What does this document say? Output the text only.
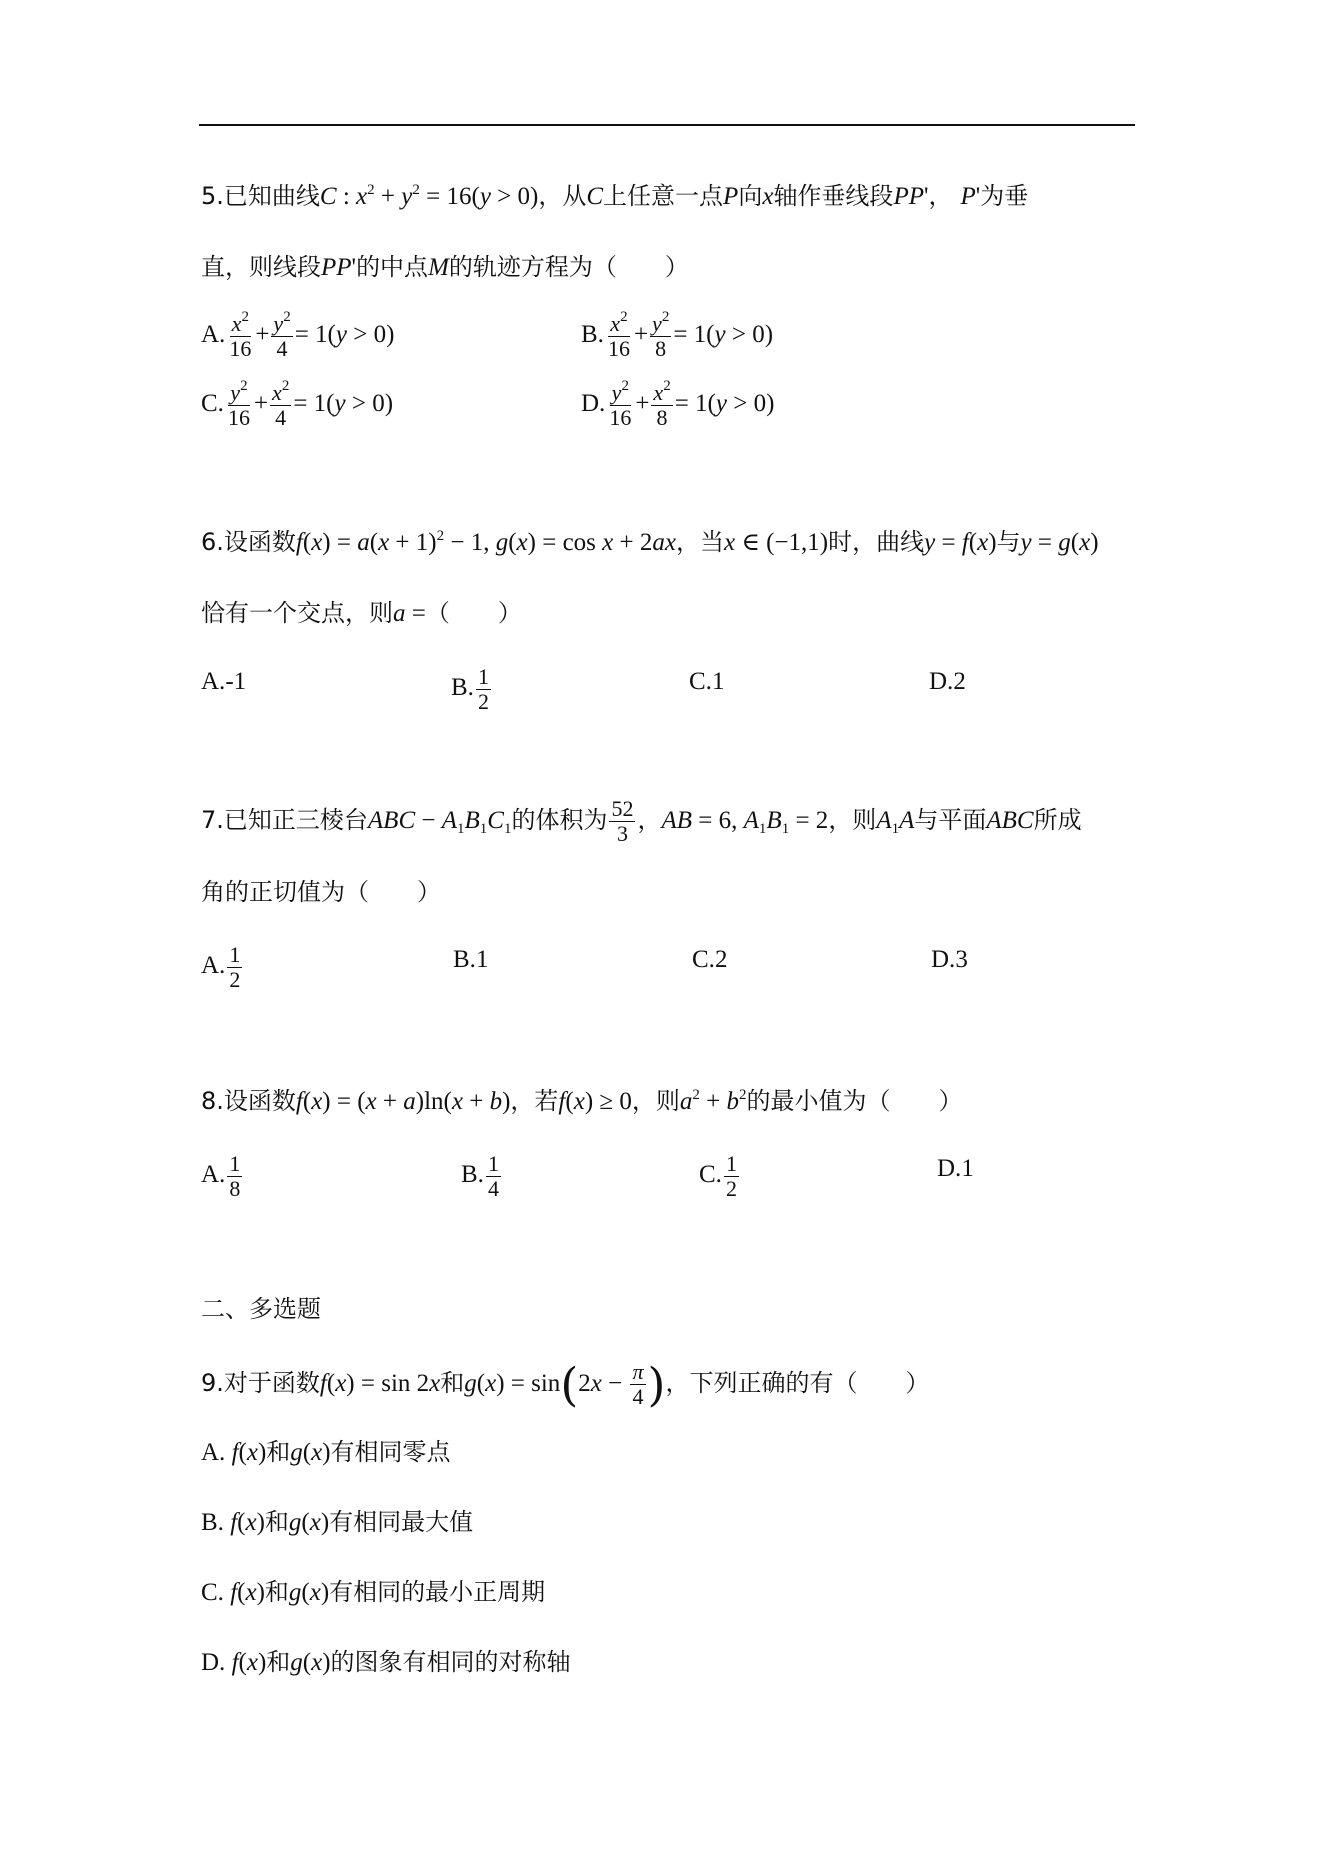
5.已知曲线C : $x^2 + y^2 = 16(y > 0)$，从C上任意一点P向x轴作垂线段PP'， P'为垂
直，则线段PP'的中点M的轨迹方程为（　　）
A. $\frac{x^2}{16} + \frac{y^2}{4} = 1(y > 0)$	B. $\frac{x^2}{16} + \frac{y^2}{8} = 1(y > 0)$
C. $\frac{y^2}{16} + \frac{x^2}{4} = 1(y > 0)$	D. $\frac{y^2}{16} + \frac{x^2}{8} = 1(y > 0)$
6.设函数$f(x) = a(x + 1)^2 - 1$, g(x) = cos x + 2ax，当x ∈ (−1,1)时，曲线y = f(x)与y = g(x)
恰有一个交点，则a =（　　）
A.-1	B. $\frac{1}{2}$	C.1	D.2
7.已知正三棱台ABC − $A_1B_1C_1$的体积为 $\frac{52}{3}$ ，AB = 6, $A_1B_1 = 2$，则$A_1A$与平面ABC所成
角的正切值为（　　）
A. $\frac{1}{2}$	B.1	C.2	D.3
8.设函数f(x) = (x + a)ln(x + b)，若f(x) ≥ 0，则$a^2 + b^2$的最小值为（　　）
A. $\frac{1}{8}$	B. $\frac{1}{4}$	C. $\frac{1}{2}$	D.1
二、多选题
9.对于函数f(x) = sin 2x和$g(x) = \sin(2x - \frac{\pi}{4}$ )，下列正确的有（　　）
A. f(x)和g(x)有相同零点
B. f(x)和g(x)有相同最大值
C. f(x)和g(x)有相同的最小正周期
D. f(x)和g(x)的图象有相同的对称轴
